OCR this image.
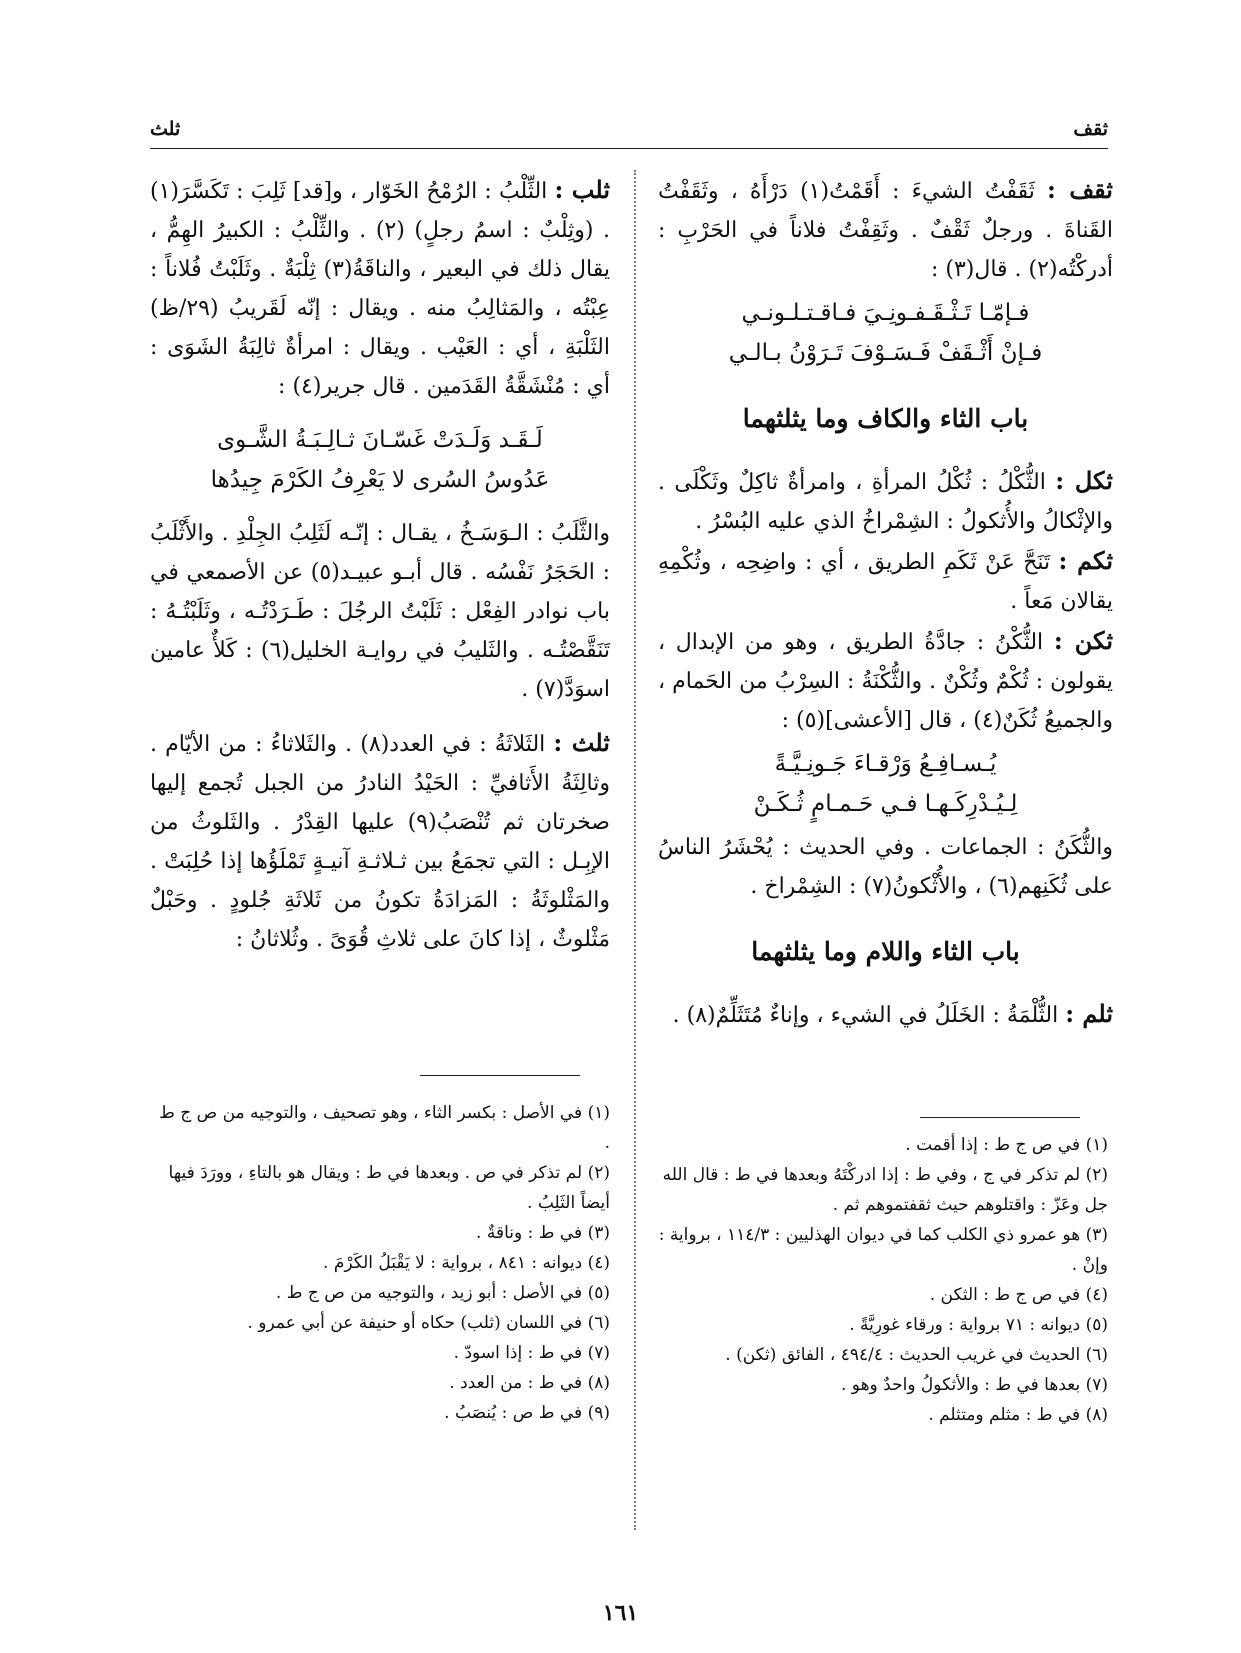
ثقف
ثلث

ثقف : ثَقَفْتُ الشيءَ : أَقَمْتُ(١) دَرْأَهُ ، وثَقَفْتُ القَناةَ . ورجلٌ ثَقْفٌ . وثَقِفْتُ فلاناً في الحَرْبِ : أدركْتُه(٢) . قال(٣) :

فـإمّـا تَـثْـقَـفـونِـيَ فـاقـتـلـونـي
فـإنْ أَثْـقَفْ فَـسَـوْفَ تَـرَوْنُ بـالـي
باب الثاء والكاف وما يثلثهما

ثكل : الثُّكْلُ : ثُكْلُ المرأةِ ، وامرأةٌ ثاكِلٌ وثَكْلَى . والإثْكالُ والأُثكولُ : الشِمْراخُ الذي عليه البُسْرُ .

ثكم : تَنَحَّ عَنْ ثَكَمِ الطريق ، أي : واضِحِه ، وثُكْمِهِ يقالان مَعاً .

ثكن : الثُّكْنُ : جادَّةُ الطريق ، وهو من الإبدال ، يقولون : ثُكْمٌ وثُكْنٌ . والثُّكْنَةُ : السِرْبُ من الحَمام ، والجميعُ ثُكَنٌ(٤) ، قال [الأعشى](٥) :

يُـسـافِـعُ وَرْقـاءَ جَـونِـيَّـةً
لِـيُـدْرِكَـهـا فـي حَـمـامٍ ثُـكَـنْ

والثُّكَنُ : الجماعات . وفي الحديث : يُحْشَرُ الناسُ على ثُكَنِهم(٦) ، والأُثْكونُ(٧) : الشِمْراخ .

باب الثاء واللام وما يثلثهما

ثلم : الثُّلْمَةُ : الخَلَلُ في الشيء ، وإناءٌ مُتَثَلِّمٌ(٨) .

ثلب : الثِّلْبُ : الرُمْحُ الخَوّار ، و[قد] ثَلِبَ : تَكَسَّرَ(١) . (وثِلْبٌ : اسمُ رجلٍ) (٢) . والثِّلْبُ : الكبيرُ الهِمُّ ، يقال ذلك في البعير ، والناقَةُ(٣) ثِلْبَةٌ . وثَلَبْتُ فُلاناً : عِبْتُه ، والمَثالِبُ منه . ويقال : إنّه لَقَريبُ (٢٩/ظ) الثَلْبَةِ ، أي : العَيْب . ويقال : امرأةٌ ثالِبَةُ الشَوَى : أي : مُنْشَقَّةُ القَدَمين . قال جرير(٤) :

لَـقَـد وَلَـدَتْ غَسّـانَ ثـالِـبَـةُ الشَّـوى
عَدُوسُ السُرى لا يَعْرِفُ الكَرْمَ جِيدُها

والثَّلَبُ : الـوَسَـخُ ، يقـال : إنّـه لَثَلِبُ الجِلْدِ . والأَثْلَبُ : الحَجَرُ نَفْسُه . قال أبـو عبيـد(٥) عن الأصمعي في باب نوادر الفِعْل : ثَلَبْتُ الرجُلَ : طَـرَدْتُـه ، وثَلَبْتُـهُ : تَنَقَّصْتُـه . والثَليبُ في روايـة الخليل(٦) : كَلأٌ عامين اسوَدَّ(٧) .

ثلث : الثَلاثَةُ : في العدد(٨) . والثَلاثاءُ : من الأيّام . وثالِثَةُ الأَثافيِّ : الحَيْدُ النادرُ من الجبل تُجمع إليها صخرتان ثم تُنْصَبُ(٩) عليها القِدْرُ . والثَلوثُ من الإبِـل : التي تجمَعُ بين ثـلاثـةِ آنيـةٍ تَمْلَؤُها إذا حُلِبَتْ . والمَثْلوثَةُ : المَزادَةُ تكونُ من ثَلاثَةِ جُلودٍ . وحَبْلٌ مَثْلوثٌ ، إذا كانَ على ثلاثِ قُوَىً . وثُلاثانُ :

(١) في الأصل : بكسر الثاء ، وهو تصحيف ، والتوجيه من ص ج ط .

(٢) لم تذكر في ص . وبعدها في ط : ويقال هو بالتاءِ ، وورَدَ فيها أيضاً الثَلِبُ .

(٣) في ط : وناقةٌ .

(٤) ديوانه : ٨٤١ ، برواية : لا يَقْبَلُ الكَرْمَ .

(٥) في الأصل : أبو زيد ، والتوجيه من ص ج ط .

(٦) في اللسان (ثلب) حكاه أو حنيفة عن أبي عمرو .

(٧) في ط : إذا اسودّ .

(٨) في ط : من العدد .

(٩) في ط ص : يُنصَبُ .

(١) في ص ج ط : إذا أقمت .

(٢) لم تذكر في ج ، وفي ط : إذا ادركْتَهُ وبعدها في ط : قال الله جل وعَزّ : واقتلوهم حيث ثقفتموهم ثم .

(٣) هو عمرو ذي الكلب كما في ديوان الهذليين : ١١٤/٣ ، برواية : وإنْ .

(٤) في ص ج ط : الثكن .

(٥) ديوانه : ٧١ برواية : ورقاء غورِيَّةً .

(٦) الحديث في غريب الحديث : ٤٩٤/٤ ، الفائق (ثكن) .

(٧) بعدها في ط : والأثكولُ واحدٌ وهو .

(٨) في ط : مثلم ومتثلم .

١٦١
